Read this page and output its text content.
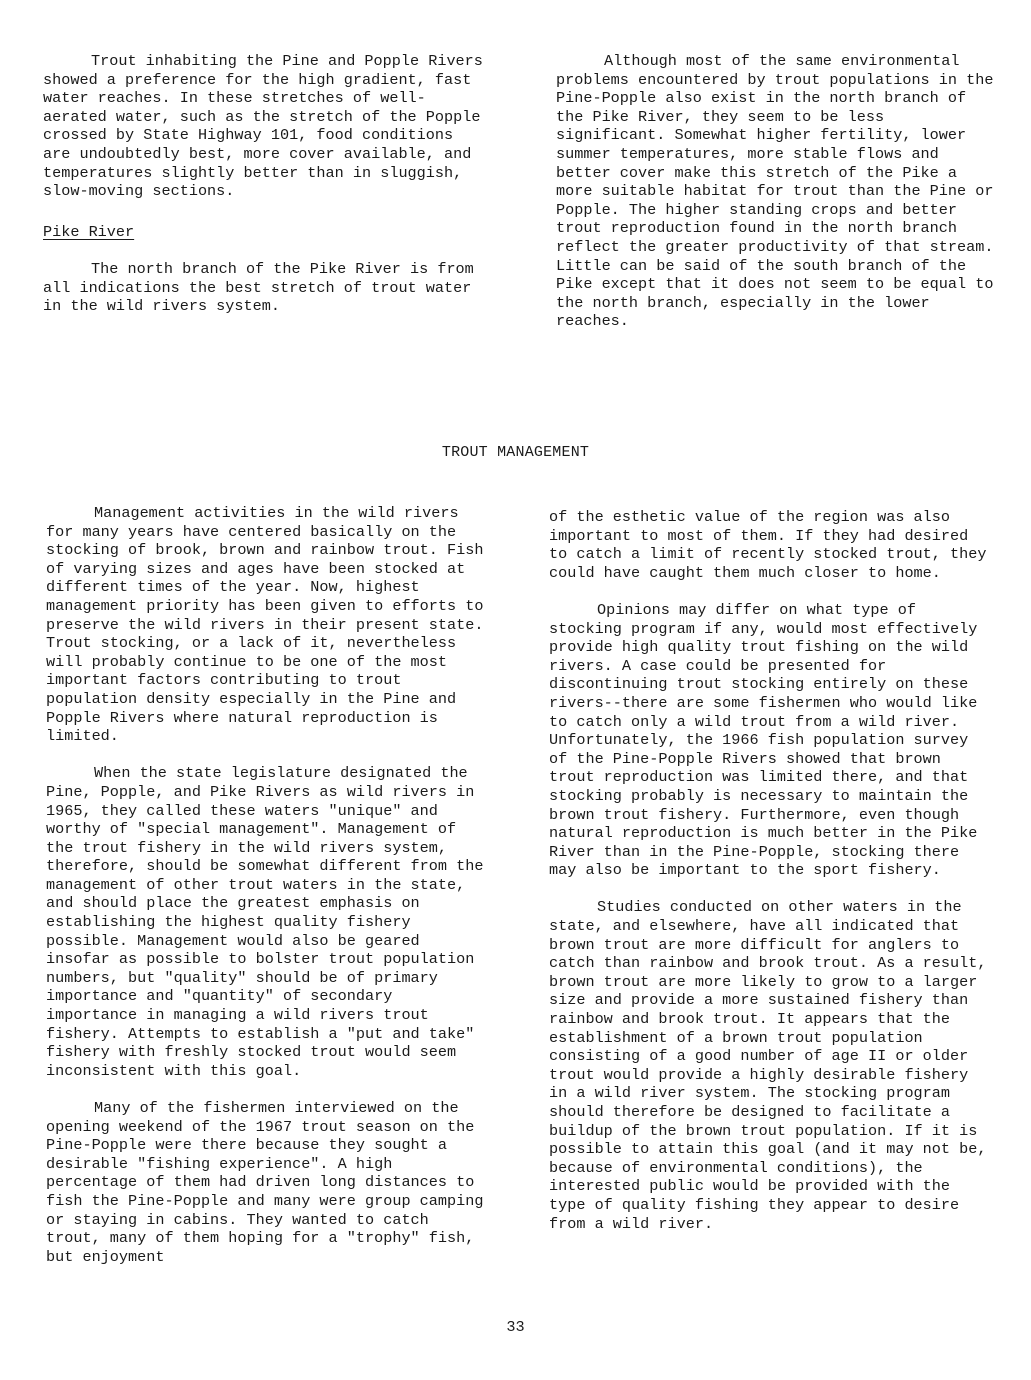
Trout inhabiting the Pine and Popple Rivers showed a preference for the high gradient, fast water reaches. In these stretches of well-aerated water, such as the stretch of the Popple crossed by State Highway 101, food conditions are undoubtedly best, more cover available, and temperatures slightly better than in sluggish, slow-moving sections.

Pike River

The north branch of the Pike River is from all indications the best stretch of trout water in the wild rivers system.

Although most of the same environmental problems encountered by trout populations in the Pine-Popple also exist in the north branch of the Pike River, they seem to be less significant. Somewhat higher fertility, lower summer temperatures, more stable flows and better cover make this stretch of the Pike a more suitable habitat for trout than the Pine or Popple. The higher standing crops and better trout reproduction found in the north branch reflect the greater productivity of that stream. Little can be said of the south branch of the Pike except that it does not seem to be equal to the north branch, especially in the lower reaches.

TROUT MANAGEMENT

Management activities in the wild rivers for many years have centered basically on the stocking of brook, brown and rainbow trout. Fish of varying sizes and ages have been stocked at different times of the year. Now, highest management priority has been given to efforts to preserve the wild rivers in their present state. Trout stocking, or a lack of it, nevertheless will probably continue to be one of the most important factors contributing to trout population density especially in the Pine and Popple Rivers where natural reproduction is limited.

When the state legislature designated the Pine, Popple, and Pike Rivers as wild rivers in 1965, they called these waters "unique" and worthy of "special management". Management of the trout fishery in the wild rivers system, therefore, should be somewhat different from the management of other trout waters in the state, and should place the greatest emphasis on establishing the highest quality fishery possible. Management would also be geared insofar as possible to bolster trout population numbers, but "quality" should be of primary importance and "quantity" of secondary importance in managing a wild rivers trout fishery. Attempts to establish a "put and take" fishery with freshly stocked trout would seem inconsistent with this goal.

Many of the fishermen interviewed on the opening weekend of the 1967 trout season on the Pine-Popple were there because they sought a desirable "fishing experience". A high percentage of them had driven long distances to fish the Pine-Popple and many were group camping or staying in cabins. They wanted to catch trout, many of them hoping for a "trophy" fish, but enjoyment

of the esthetic value of the region was also important to most of them. If they had desired to catch a limit of recently stocked trout, they could have caught them much closer to home.

Opinions may differ on what type of stocking program if any, would most effectively provide high quality trout fishing on the wild rivers. A case could be presented for discontinuing trout stocking entirely on these rivers--there are some fishermen who would like to catch only a wild trout from a wild river. Unfortunately, the 1966 fish population survey of the Pine-Popple Rivers showed that brown trout reproduction was limited there, and that stocking probably is necessary to maintain the brown trout fishery. Furthermore, even though natural reproduction is much better in the Pike River than in the Pine-Popple, stocking there may also be important to the sport fishery.

Studies conducted on other waters in the state, and elsewhere, have all indicated that brown trout are more difficult for anglers to catch than rainbow and brook trout. As a result, brown trout are more likely to grow to a larger size and provide a more sustained fishery than rainbow and brook trout. It appears that the establishment of a brown trout population consisting of a good number of age II or older trout would provide a highly desirable fishery in a wild river system. The stocking program should therefore be designed to facilitate a buildup of the brown trout population. If it is possible to attain this goal (and it may not be, because of environmental conditions), the interested public would be provided with the type of quality fishing they appear to desire from a wild river.

33
